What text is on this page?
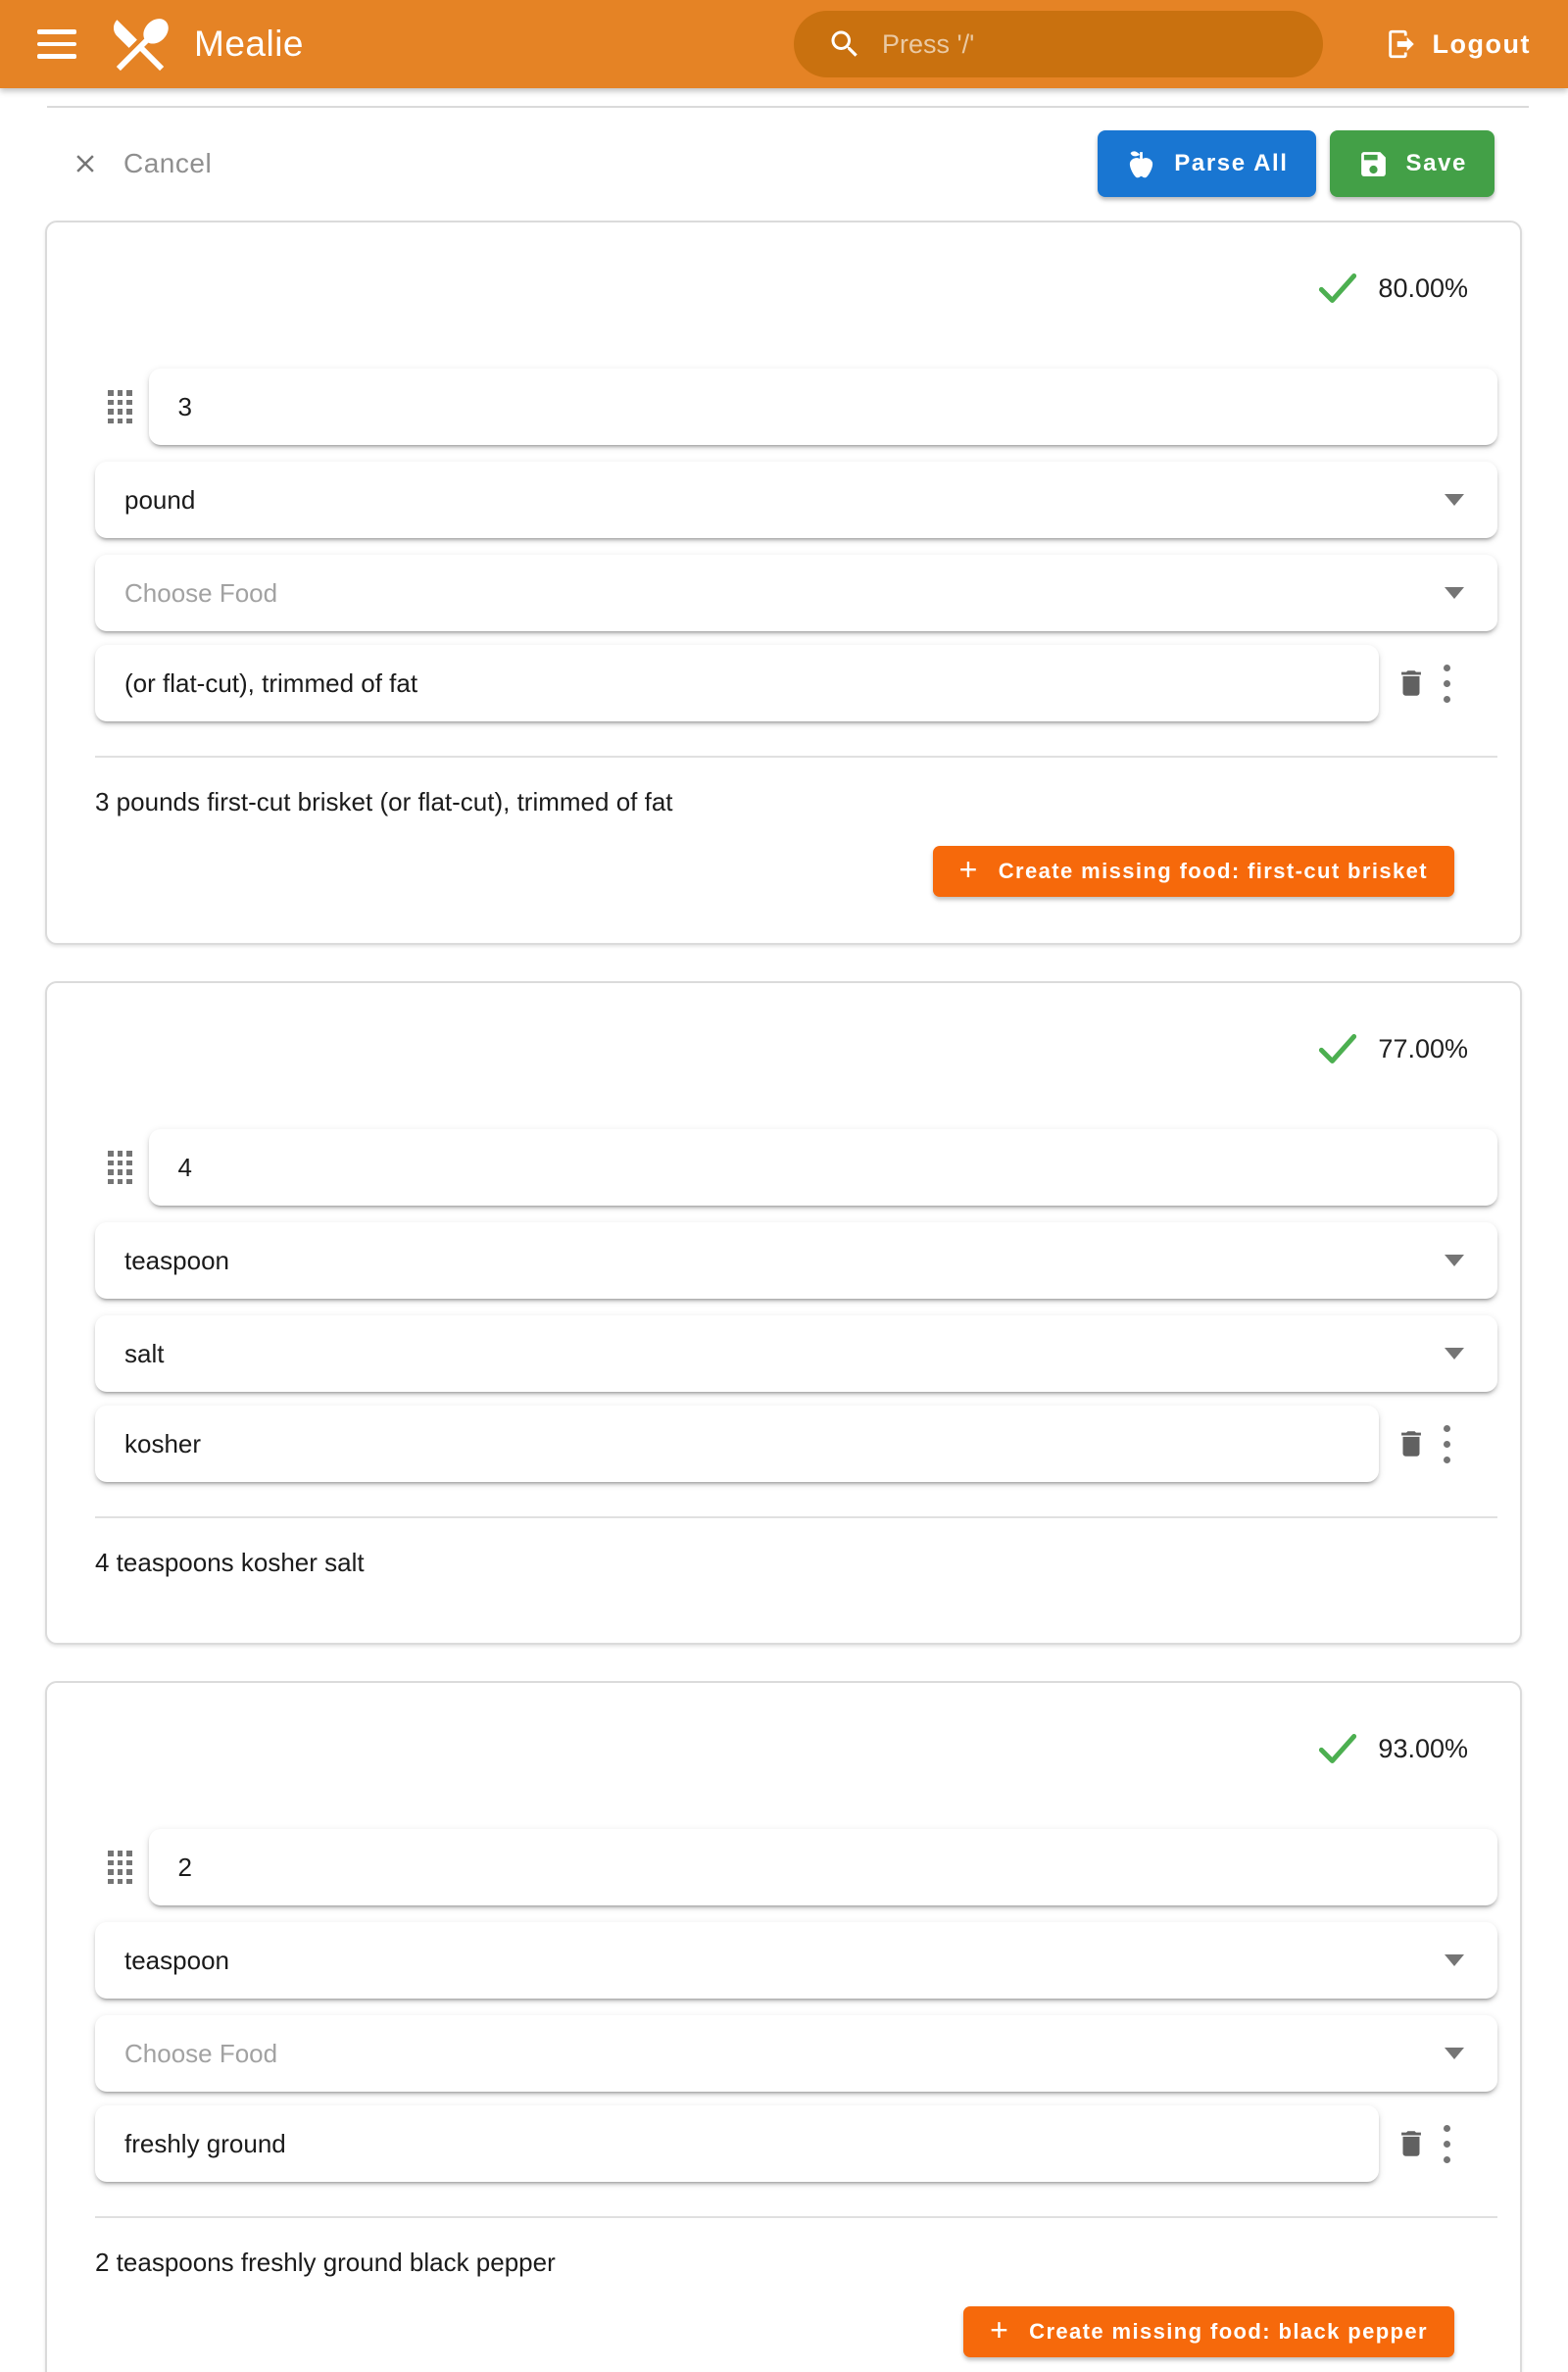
Mealie	Press '/'	Logout
Cancel	Parse All	Save
80.00%
3
pound
Choose Food
(or flat-cut), trimmed of fat
3 pounds first-cut brisket (or flat-cut), trimmed of fat
+ Create missing food: first-cut brisket
77.00%
4
teaspoon
salt
kosher
4 teaspoons kosher salt
93.00%
2
teaspoon
Choose Food
freshly ground
2 teaspoons freshly ground black pepper
+ Create missing food: black pepper
